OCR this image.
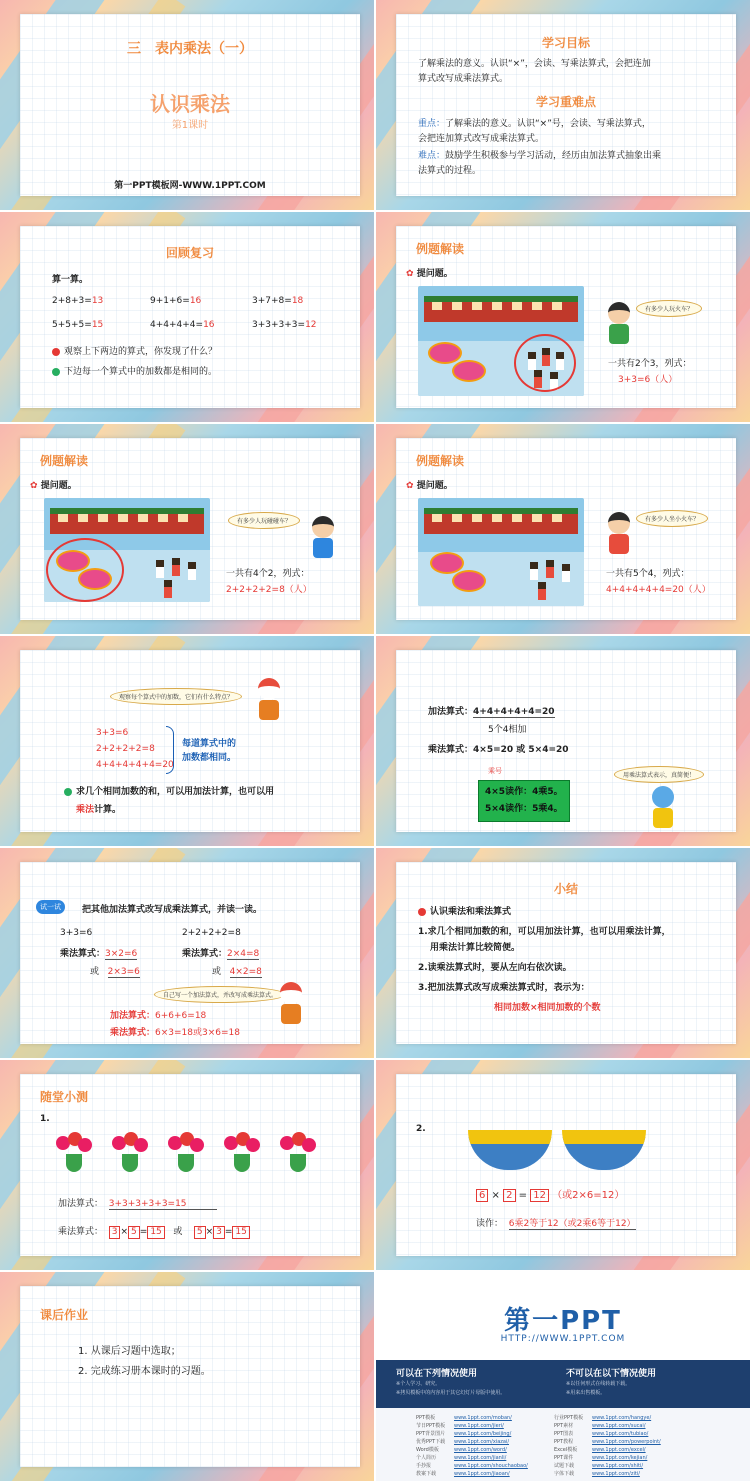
三　表内乘法（一）
认识乘法
第1课时
第一PPT模板网-WWW.1PPT.COM
学习目标
了解乘法的意义。认识“×”，会读、写乘法算式，会把连加
算式改写成乘法算式。
学习重难点
重点：了解乘法的意义。认识“×”号，会读、写乘法算式，
会把连加算式改写成乘法算式。
难点：鼓励学生积极参与学习活动，经历由加法算式抽象出乘
法算式的过程。
回顾复习
算一算。
2+8+3=13	9+1+6=16	3+7+8=18
5+5+5=15	4+4+4+4=16	3+3+3+3=12
观察上下两边的算式，你发现了什么？
下边每一个算式中的加数都是相同的。
例题解读
✿ 提问题。
有多少人玩火车？
一共有2个3，列式：
3+3=6（人）
例题解读
✿ 提问题。
有多少人玩碰碰车？
一共有4个2，列式：
2+2+2+2=8（人）
例题解读
✿ 提问题。
有多少人坐小火车？
一共有5个4，列式：
4+4+4+4+4=20（人）
观察每个算式中的加数，它们有什么特点？
3+3=6
2+2+2+2=8
4+4+4+4+4=20
每道算式中的
加数都相同。
求几个相同加数的和，可以用加法计算，也可以用
乘法计算。
加法算式：4+4+4+4+4=20
5个4相加
乘法算式：4×5=20 或 5×4=20
乘号
4×5读作：4乘5。
5×4读作：5乘4。
用乘法算式表示，真简便！
试一试	把其他加法算式改写成乘法算式，并读一读。
3+3=6
乘法算式：3×2=6
或 2×3=6
2+2+2+2=8
乘法算式：2×4=8
或 4×2=8
自己写一个加法算式，并改写成乘法算式。
加法算式：6+6+6=18
乘法算式：6×3=18或3×6=18
小结
认识乘法和乘法算式
1.求几个相同加数的和，可以用加法计算，也可以用乘法计算，
用乘法计算比较简便。
2.读乘法算式时，要从左向右依次读。
3.把加法算式改写成乘法算式时，表示为：
相同加数×相同加数的个数
随堂小测
1.
加法算式： 3+3+3+3+3=15
乘法算式： 3 × 5 = 15 或 5 × 3 = 15
2.
6 × 2 = 12 （或2×6=12）
读作： 6乘2等于12（或2乘6等于12）
课后作业
1. 从课后习题中选取；
2. 完成练习册本课时的习题。
第一PPT
HTTP://WWW.1PPT.COM
可以在下列情况使用
※个人学习、研究。
※拷贝模板中的内容用于其它幻灯片母版中使用。
不可以在以下情况使用
※以任何形式在线转载下载。
※用来出售模板。
PPT模板	www.1ppt.com/moban/
节日PPT模板 www.1ppt.com/jieri/
PPT背景图片 www.1ppt.com/beijing/
优秀PPT下载 www.1ppt.com/xiazai/
Word模板	www.1ppt.com/word/
个人简历	www.1ppt.com/jianli/
手抄报	www.1ppt.com/shouchaobao/
教案下载	www.1ppt.com/jiaoan/
行业PPT模板 www.1ppt.com/hangye/
PPT素材	www.1ppt.com/sucai/
PPT图表	www.1ppt.com/tubiao/
PPT教程	www.1ppt.com/powerpoint/
Excel模板	www.1ppt.com/excel/
PPT课件	www.1ppt.com/kejian/
试题下载	www.1ppt.com/shiti/
字体下载	www.1ppt.com/ziti/
